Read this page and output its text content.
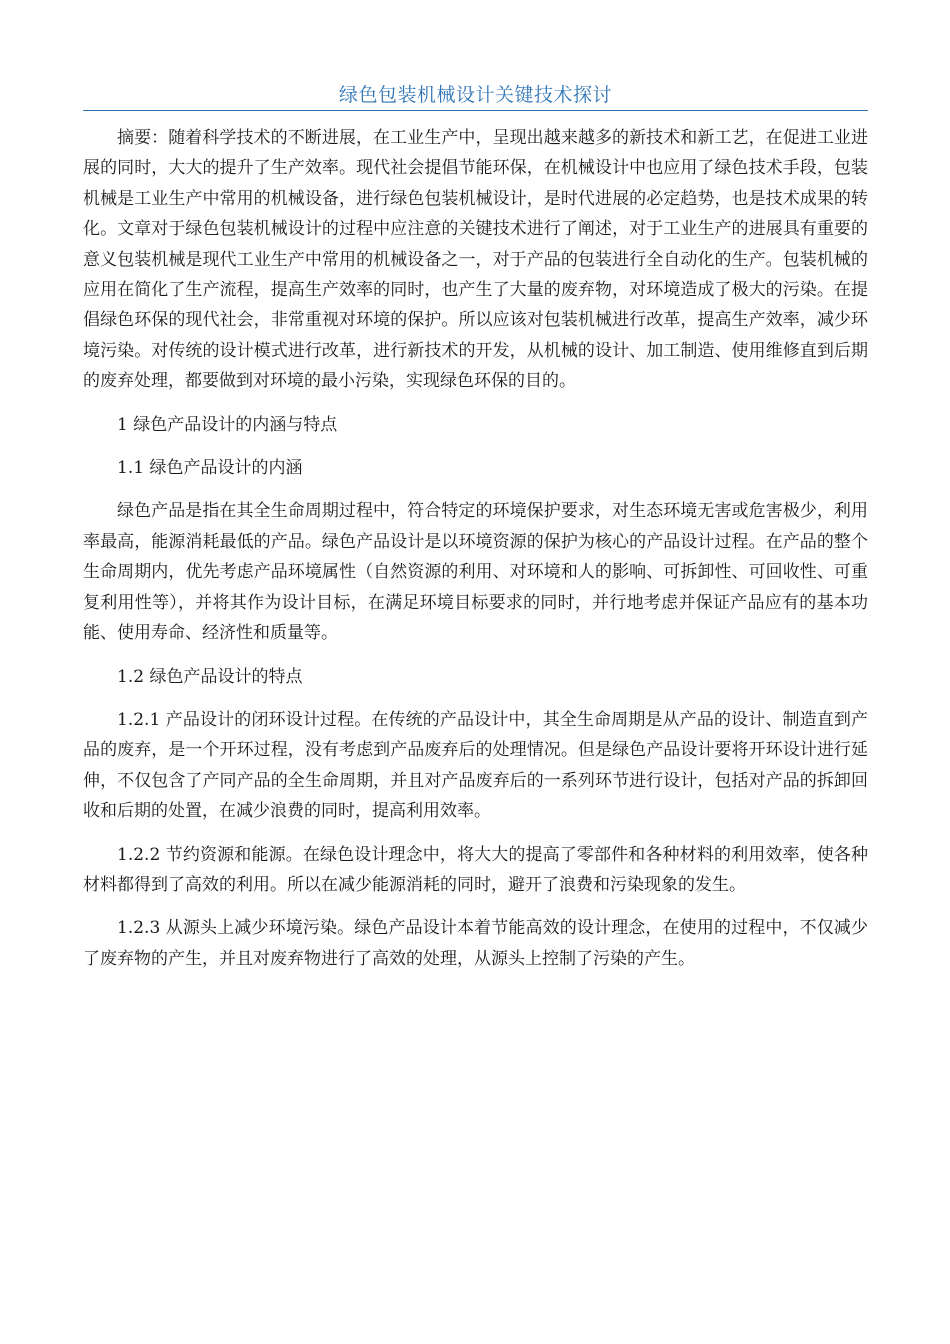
绿色包装机械设计关键技术探讨

摘要：随着科学技术的不断进展，在工业生产中，呈现出越来越多的新技术和新工艺，在促进工业进展的同时，大大的提升了生产效率。现代社会提倡节能环保，在机械设计中也应用了绿色技术手段，包装机械是工业生产中常用的机械设备，进行绿色包装机械设计，是时代进展的必定趋势，也是技术成果的转化。文章对于绿色包装机械设计的过程中应注意的关键技术进行了阐述，对于工业生产的进展具有重要的意义包装机械是现代工业生产中常用的机械设备之一，对于产品的包装进行全自动化的生产。包装机械的应用在简化了生产流程，提高生产效率的同时，也产生了大量的废弃物，对环境造成了极大的污染。在提倡绿色环保的现代社会，非常重视对环境的保护。所以应该对包装机械进行改革，提高生产效率，减少环境污染。对传统的设计模式进行改革，进行新技术的开发，从机械的设计、加工制造、使用维修直到后期的废弃处理，都要做到对环境的最小污染，实现绿色环保的目的。

1 绿色产品设计的内涵与特点

1.1 绿色产品设计的内涵

绿色产品是指在其全生命周期过程中，符合特定的环境保护要求，对生态环境无害或危害极少，利用率最高，能源消耗最低的产品。绿色产品设计是以环境资源的保护为核心的产品设计过程。在产品的整个生命周期内，优先考虑产品环境属性（自然资源的利用、对环境和人的影响、可拆卸性、可回收性、可重复利用性等），并将其作为设计目标，在满足环境目标要求的同时，并行地考虑并保证产品应有的基本功能、使用寿命、经济性和质量等。

1.2 绿色产品设计的特点

1.2.1 产品设计的闭环设计过程。在传统的产品设计中，其全生命周期是从产品的设计、制造直到产品的废弃，是一个开环过程，没有考虑到产品废弃后的处理情况。但是绿色产品设计要将开环设计进行延伸，不仅包含了产同产品的全生命周期，并且对产品废弃后的一系列环节进行设计，包括对产品的拆卸回收和后期的处置，在减少浪费的同时，提高利用效率。

1.2.2 节约资源和能源。在绿色设计理念中，将大大的提高了零部件和各种材料的利用效率，使各种材料都得到了高效的利用。所以在减少能源消耗的同时，避开了浪费和污染现象的发生。

1.2.3 从源头上减少环境污染。绿色产品设计本着节能高效的设计理念，在使用的过程中，不仅减少了废弃物的产生，并且对废弃物进行了高效的处理，从源头上控制了污染的产生。
